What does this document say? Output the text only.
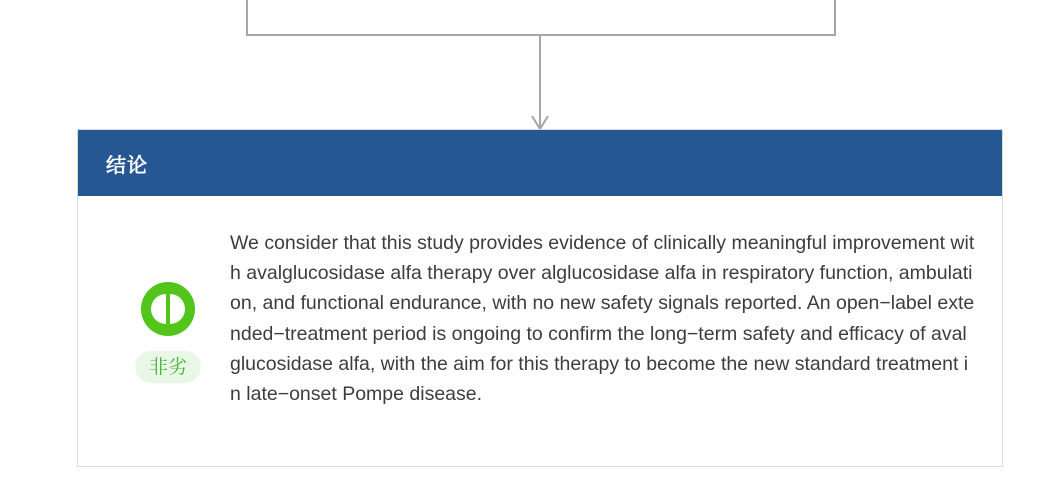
结论
非劣

We consider that this study provides evidence of clinically meaningful improvement with avalglucosidase alfa therapy over alglucosidase alfa in respiratory function, ambulation, and functional endurance, with no new safety signals reported. An open−label extended−treatment period is ongoing to confirm the long−term safety and efficacy of avalglucosidase alfa, with the aim for this therapy to become the new standard treatment in late−onset Pompe disease.
